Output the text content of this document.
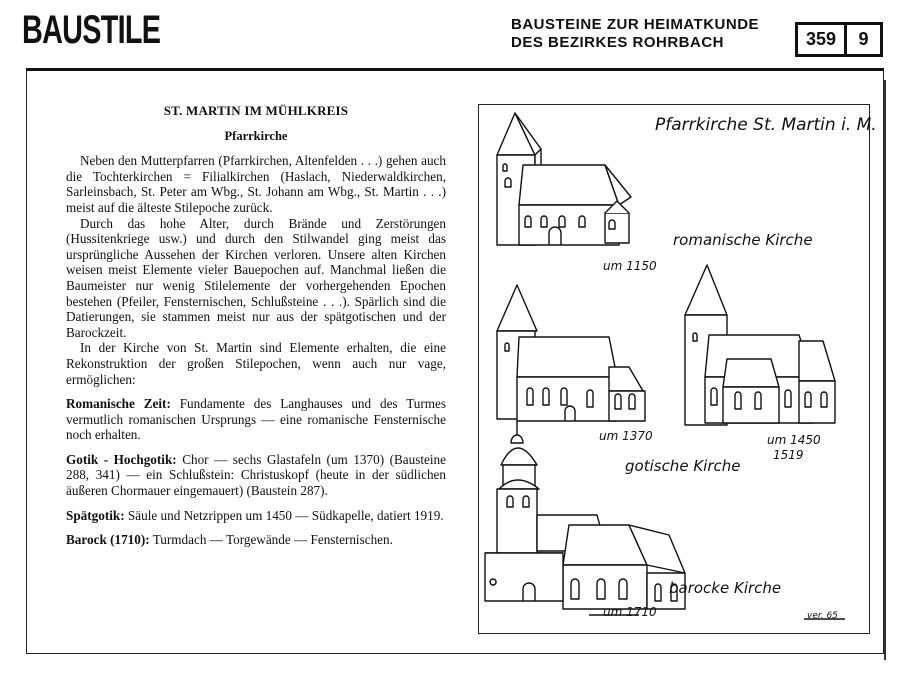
BAUSTILE	BAUSTEINE ZUR HEIMATKUNDE
DES BEZIRKES ROHRBACH	359	9
ST. MARTIN IM MÜHLKREIS
Pfarrkirche

Neben den Mutterpfarren (Pfarrkirchen, Altenfelden . . .) gehen auch die Tochterkirchen = Filialkirchen (Haslach, Niederwaldkirchen, Sarleinsbach, St. Peter am Wbg., St. Johann am Wbg., St. Martin . . .) meist auf die älteste Stilepoche zurück.

Durch das hohe Alter, durch Brände und Zerstörungen (Hussitenkriege usw.) und durch den Stilwandel ging meist das ursprüngliche Aussehen der Kirchen verloren. Unsere alten Kirchen weisen meist Elemente vieler Bauepochen auf. Manchmal ließen die Baumeister nur wenig Stilelemente der vorhergehenden Epochen bestehen (Pfeiler, Fensternischen, Schlußsteine . . .). Spärlich sind die Datierungen, sie stammen meist nur aus der spätgotischen und der Barockzeit.

In der Kirche von St. Martin sind Elemente erhalten, die eine Rekonstruktion der großen Stilepochen, wenn auch nur vage, ermöglichen:

Romanische Zeit: Fundamente des Langhauses und des Turmes vermutlich romanischen Ursprungs — eine romanische Fensternische noch erhalten.

Gotik - Hochgotik: Chor — sechs Glastafeln (um 1370) (Bausteine 288, 341) — ein Schlußstein: Christuskopf (heute in der südlichen äußeren Chormauer eingemauert) (Baustein 287).

Spätgotik: Säule und Netzrippen um 1450 — Südkapelle, datiert 1919.

Barock (1710): Turmdach — Torgewände — Fensternischen.

Pfarrkirche St. Martin i. M.
romanische Kirche
um 1150
um 1370	um 1450
1519
gotische Kirche
barocke Kirche
um 1710	ver. 65
